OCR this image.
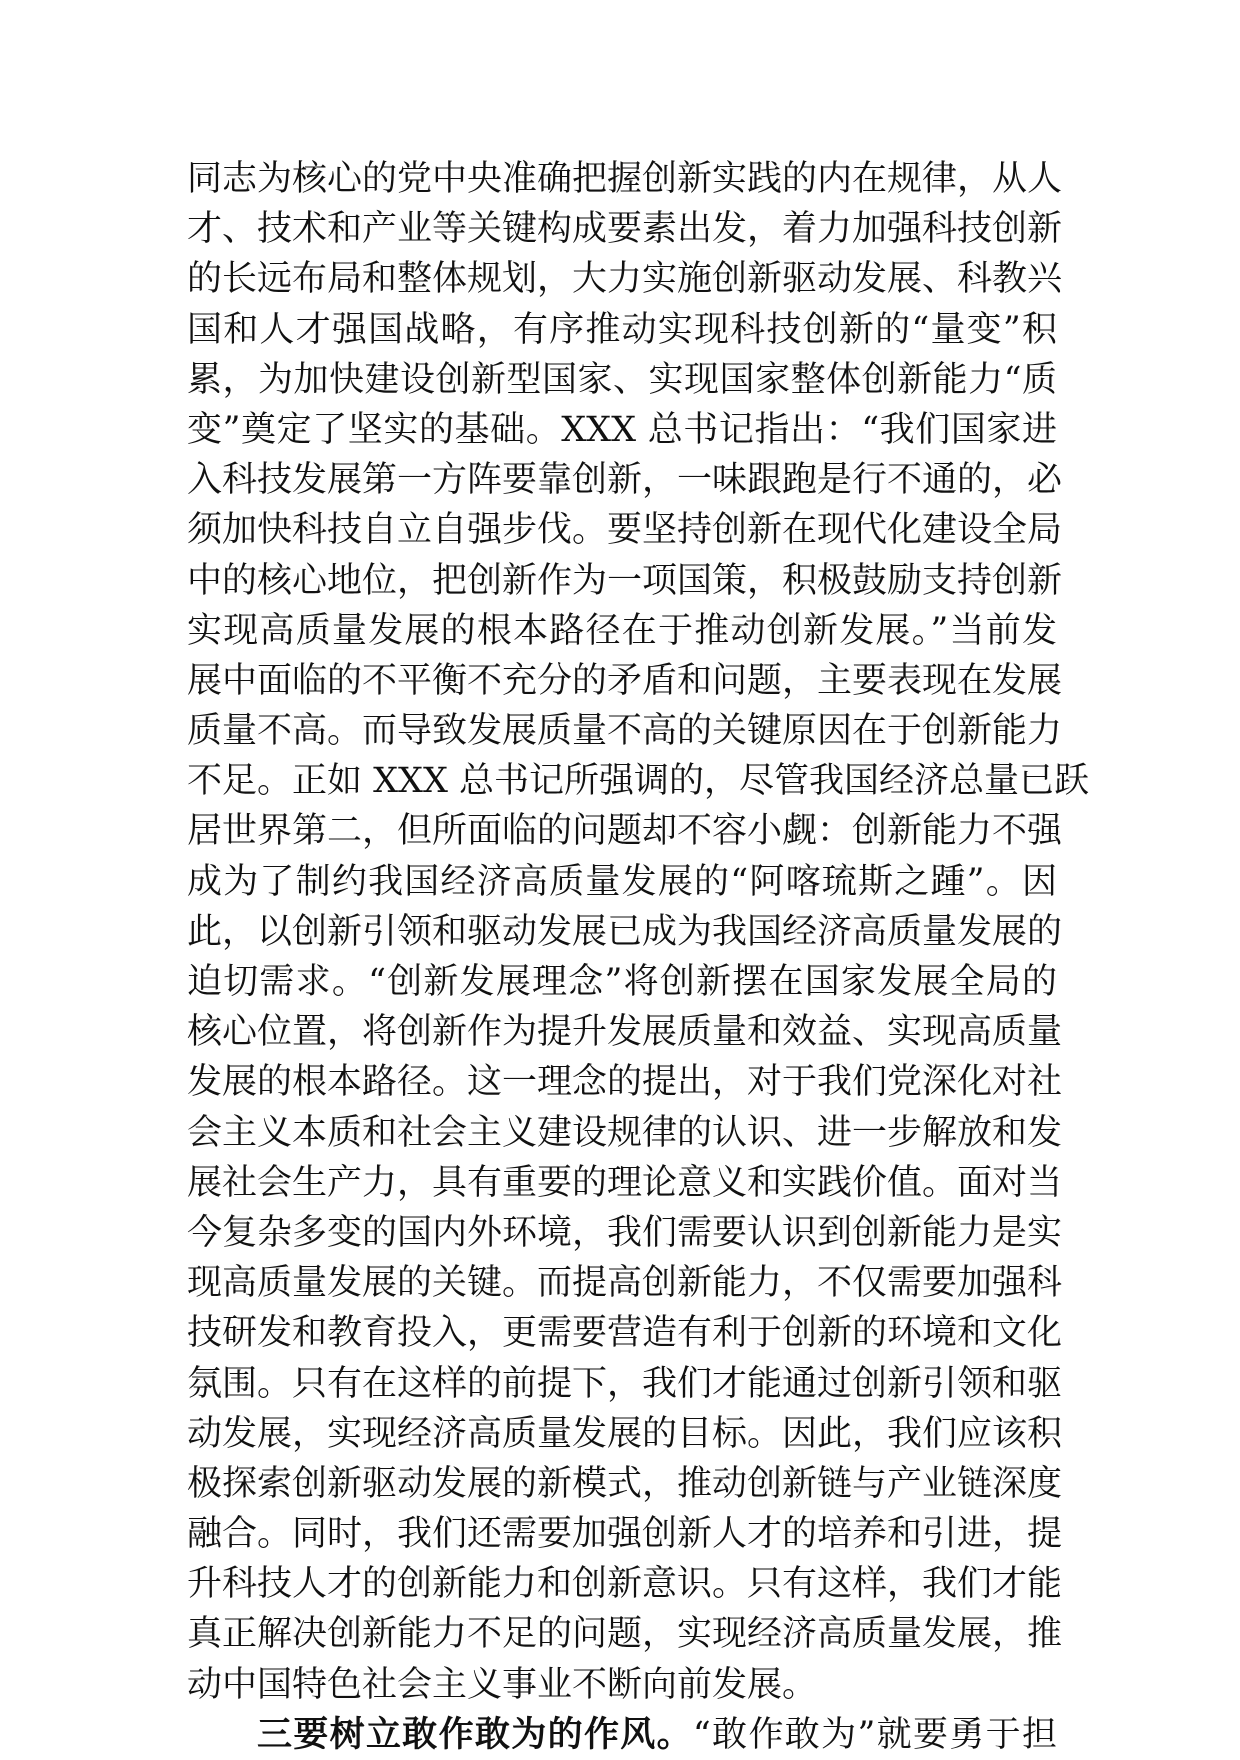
同志为核心的党中央准确把握创新实践的内在规律，从人
才、技术和产业等关键构成要素出发，着力加强科技创新
的长远布局和整体规划，大力实施创新驱动发展、科教兴
国和人才强国战略，有序推动实现科技创新的“量变”积
累，为加快建设创新型国家、实现国家整体创新能力“质
变”奠定了坚实的基础。XXX 总书记指出：“我们国家进
入科技发展第一方阵要靠创新，一味跟跑是行不通的，必
须加快科技自立自强步伐。要坚持创新在现代化建设全局
中的核心地位，把创新作为一项国策，积极鼓励支持创新
实现高质量发展的根本路径在于推动创新发展。”当前发
展中面临的不平衡不充分的矛盾和问题，主要表现在发展
质量不高。而导致发展质量不高的关键原因在于创新能力
不足。正如 XXX 总书记所强调的，尽管我国经济总量已跃
居世界第二，但所面临的问题却不容小觑：创新能力不强
成为了制约我国经济高质量发展的“阿喀琉斯之踵”。因
此，以创新引领和驱动发展已成为我国经济高质量发展的
迫切需求。“创新发展理念”将创新摆在国家发展全局的
核心位置，将创新作为提升发展质量和效益、实现高质量
发展的根本路径。这一理念的提出，对于我们党深化对社
会主义本质和社会主义建设规律的认识、进一步解放和发
展社会生产力，具有重要的理论意义和实践价值。面对当
今复杂多变的国内外环境，我们需要认识到创新能力是实
现高质量发展的关键。而提高创新能力，不仅需要加强科
技研发和教育投入，更需要营造有利于创新的环境和文化
氛围。只有在这样的前提下，我们才能通过创新引领和驱
动发展，实现经济高质量发展的目标。因此，我们应该积
极探索创新驱动发展的新模式，推动创新链与产业链深度
融合。同时，我们还需要加强创新人才的培养和引进，提
升科技人才的创新能力和创新意识。只有这样，我们才能
真正解决创新能力不足的问题，实现经济高质量发展，推
动中国特色社会主义事业不断向前发展。
三要树立敢作敢为的作风。“敢作敢为”就要勇于担
